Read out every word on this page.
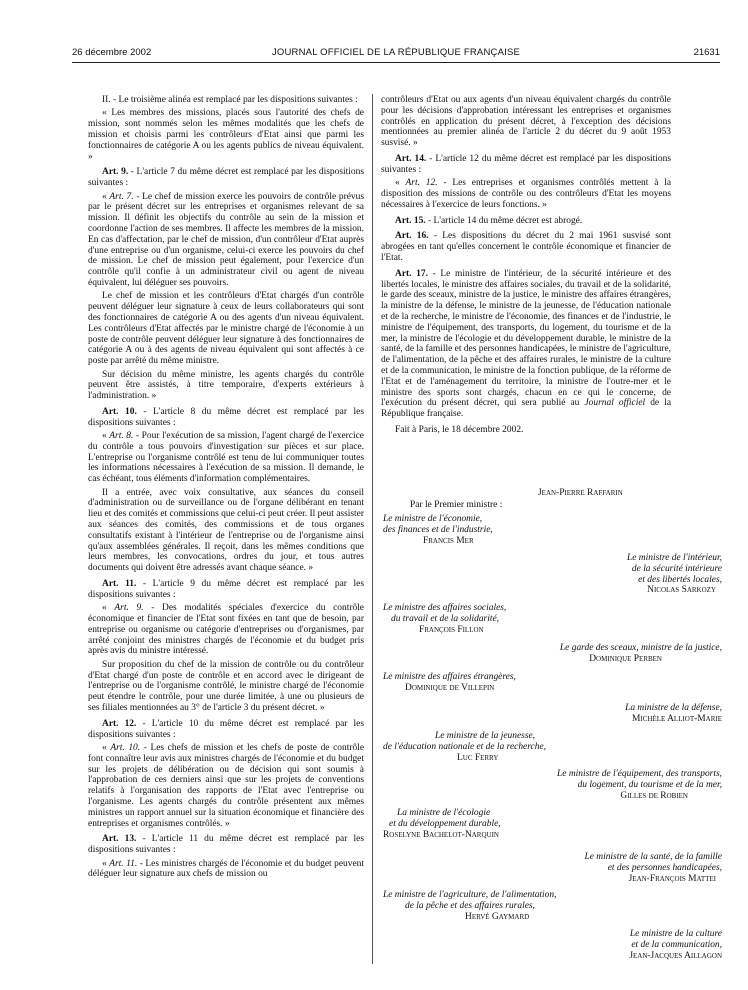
26 décembre 2002	JOURNAL OFFICIEL DE LA RÉPUBLIQUE FRANÇAISE	21631

II. - Le troisième alinéa est remplacé par les dispositions suivantes :

« Les membres des missions, placés sous l'autorité des chefs de mission, sont nommés selon les mêmes modalités que les chefs de mission et choisis parmi les contrôleurs d'Etat ainsi que parmi les fonctionnaires de catégorie A ou les agents publics de niveau équivalent. »

Art. 9. - L'article 7 du même décret est remplacé par les dispositions suivantes :

« Art. 7. - Le chef de mission exerce les pouvoirs de contrôle prévus par le présent décret sur les entreprises et organismes relevant de sa mission. Il définit les objectifs du contrôle au sein de la mission et coordonne l'action de ses membres. Il affecte les membres de la mission. En cas d'affectation, par le chef de mission, d'un contrôleur d'Etat auprès d'une entreprise ou d'un organisme, celui-ci exerce les pouvoirs du chef de mission. Le chef de mission peut également, pour l'exercice d'un contrôle qu'il confie à un administrateur civil ou agent de niveau équivalent, lui déléguer ses pouvoirs.

Le chef de mission et les contrôleurs d'Etat chargés d'un contrôle peuvent déléguer leur signature à ceux de leurs collaborateurs qui sont des fonctionnaires de catégorie A ou des agents d'un niveau équivalent. Les contrôleurs d'Etat affectés par le ministre chargé de l'économie à un poste de contrôle peuvent déléguer leur signature à des fonctionnaires de catégorie A ou à des agents de niveau équivalent qui sont affectés à ce poste par arrêté du même ministre.

Sur décision du même ministre, les agents chargés du contrôle peuvent être assistés, à titre temporaire, d'experts extérieurs à l'administration. »

Art. 10. - L'article 8 du même décret est remplacé par les dispositions suivantes :

« Art. 8. - Pour l'exécution de sa mission, l'agent chargé de l'exercice du contrôle a tous pouvoirs d'investigation sur pièces et sur place. L'entreprise ou l'organisme contrôlé est tenu de lui communiquer toutes les informations nécessaires à l'exécution de sa mission. Il demande, le cas échéant, tous éléments d'information complémentaires.

Il a entrée, avec voix consultative, aux séances du conseil d'administration ou de surveillance ou de l'organe délibérant en tenant lieu et des comités et commissions que celui-ci peut créer. Il peut assister aux séances des comités, des commissions et de tous organes consultatifs existant à l'intérieur de l'entreprise ou de l'organisme ainsi qu'aux assemblées générales. Il reçoit, dans les mêmes conditions que leurs membres, les convocations, ordres du jour, et tous autres documents qui doivent être adressés avant chaque séance. »

Art. 11. - L'article 9 du même décret est remplacé par les dispositions suivantes :

« Art. 9. - Des modalités spéciales d'exercice du contrôle économique et financier de l'Etat sont fixées en tant que de besoin, par entreprise ou organisme ou catégorie d'entreprises ou d'organismes, par arrêté conjoint des ministres chargés de l'économie et du budget pris après avis du ministre intéressé.

Sur proposition du chef de la mission de contrôle ou du contrôleur d'Etat chargé d'un poste de contrôle et en accord avec le dirigeant de l'entreprise ou de l'organisme contrôlé, le ministre chargé de l'économie peut étendre le contrôle, pour une durée limitée, à une ou plusieurs de ses filiales mentionnées au 3° de l'article 3 du présent décret. »

Art. 12. - L'article 10 du même décret est remplacé par les dispositions suivantes :

« Art. 10. - Les chefs de mission et les chefs de poste de contrôle font connaître leur avis aux ministres chargés de l'économie et du budget sur les projets de délibération ou de décision qui sont soumis à l'approbation de ces derniers ainsi que sur les projets de conventions relatifs à l'organisation des rapports de l'Etat avec l'entreprise ou l'organisme. Les agents chargés du contrôle présentent aux mêmes ministres un rapport annuel sur la situation économique et financière des entreprises et organismes contrôlés. »

Art. 13. - L'article 11 du même décret est remplacé par les dispositions suivantes :

« Art. 11. - Les ministres chargés de l'économie et du budget peuvent déléguer leur signature aux chefs de mission ou

contrôleurs d'Etat ou aux agents d'un niveau équivalent chargés du contrôle pour les décisions d'approbation intéressant les entreprises et organismes contrôlés en application du présent décret, à l'exception des décisions mentionnées au premier alinéa de l'article 2 du décret du 9 août 1953 susvisé. »

Art. 14. - L'article 12 du même décret est remplacé par les dispositions suivantes :

« Art. 12. - Les entreprises et organismes contrôlés mettent à la disposition des missions de contrôle ou des contrôleurs d'Etat les moyens nécessaires à l'exercice de leurs fonctions. »

Art. 15. - L'article 14 du même décret est abrogé.

Art. 16. - Les dispositions du décret du 2 mai 1961 susvisé sont abrogées en tant qu'elles concernent le contrôle économique et financier de l'Etat.

Art. 17. - Le ministre de l'intérieur, de la sécurité intérieure et des libertés locales, le ministre des affaires sociales, du travail et de la solidarité, le garde des sceaux, ministre de la justice, le ministre des affaires étrangères, la ministre de la défense, le ministre de la jeunesse, de l'éducation nationale et de la recherche, le ministre de l'économie, des finances et de l'industrie, le ministre de l'équipement, des transports, du logement, du tourisme et de la mer, la ministre de l'écologie et du développement durable, le ministre de la santé, de la famille et des personnes handicapées, le ministre de l'agriculture, de l'alimentation, de la pêche et des affaires rurales, le ministre de la culture et de la communication, le ministre de la fonction publique, de la réforme de l'Etat et de l'aménagement du territoire, la ministre de l'outre-mer et le ministre des sports sont chargés, chacun en ce qui le concerne, de l'exécution du présent décret, qui sera publié au Journal officiel de la République française.

Fait à Paris, le 18 décembre 2002.

Jean-Pierre Raffarin
Par le Premier ministre :
Le ministre de l'économie,
des finances et de l'industrie,
Francis Mer
Le ministre de l'intérieur,
de la sécurité intérieure
et des libertés locales,
Nicolas Sarkozy
Le ministre des affaires sociales,
du travail et de la solidarité,
François Fillon
Le garde des sceaux, ministre de la justice,
Dominique Perben
Le ministre des affaires étrangères,
Dominique de Villepin
La ministre de la défense,
Michèle Alliot-Marie
Le ministre de la jeunesse,
de l'éducation nationale et de la recherche,
Luc Ferry
Le ministre de l'équipement, des transports,
du logement, du tourisme et de la mer,
Gilles de Robien
La ministre de l'écologie
et du développement durable,
Roselyne Bachelot-Narquin
Le ministre de la santé, de la famille
et des personnes handicapées,
Jean-François Mattei
Le ministre de l'agriculture, de l'alimentation,
de la pêche et des affaires rurales,
Hervé Gaymard
Le ministre de la culture
et de la communication,
Jean-Jacques Aillagon
